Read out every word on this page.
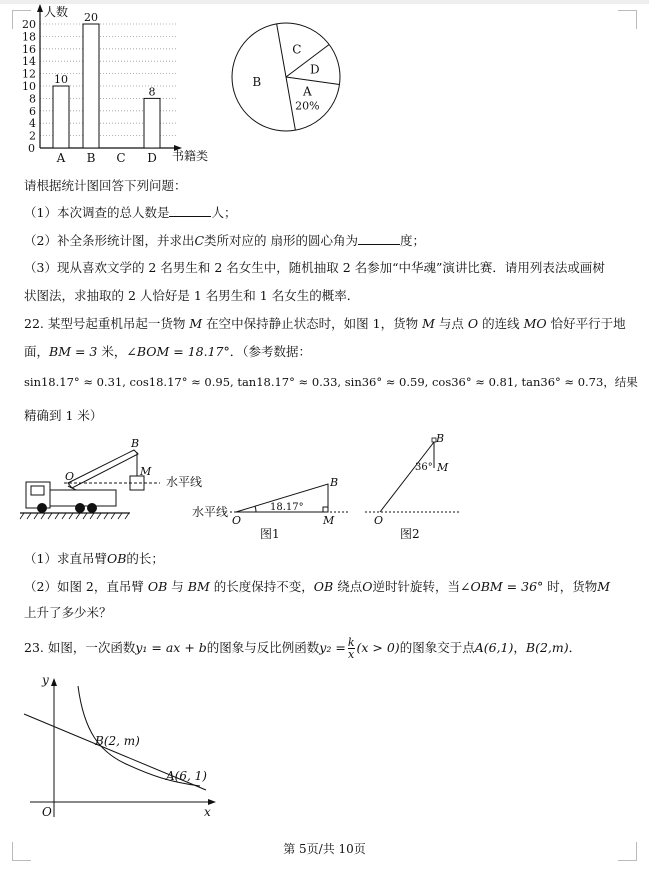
2
4
6
8
10
12
14
16
18
20
人数
书籍类
0
10
A
20
B C
8
D
A
B
C
D
20%
请根据统计图回答下列问题：
（1）本次调查的总人数是	人；
（2）补全条形统计图，并求出C类所对应的 扇形的圆心角为	度；
（3）现从喜欢文学的 2 名男生和 2 名女生中，随机抽取 2 名参加“中华魂”演讲比赛．请用列表法或画树
状图法，求抽取的 2 人恰好是 1 名男生和 1 名女生的概率．
22. 某型号起重机吊起一货物 M 在空中保持静止状态时，如图 1，货物 M 与点 O 的连线 MO 恰好平行于地
面，BM = 3 米，∠BOM = 18.17°．（参考数据：
sin18.17° ≈ 0.31, cos18.17° ≈ 0.95, tan18.17° ≈ 0.33, sin36° ≈ 0.59, cos36° ≈ 0.81, tan36° ≈ 0.73，结果
精确到 1 米）
B
O	M
水平线
水平线
O	M
B
18.17°
图1
B
36° M
O
图2
（1）求直吊臂OB的长；
（2）如图 2，直吊臂 OB 与 BM 的长度保持不变，OB 绕点O逆时针旋转，当∠OBM = 36° 时，货物M
上升了多少米？
23. 如图，一次函数y₁ = ax + b的图象与反比例函数$y_2 = \frac{k}{x} (x > 0)$的图象交于点A(6,1)，B(2,m)．
y
x
O
B(2, m)
A(6, 1)
第 5页/共 10页
